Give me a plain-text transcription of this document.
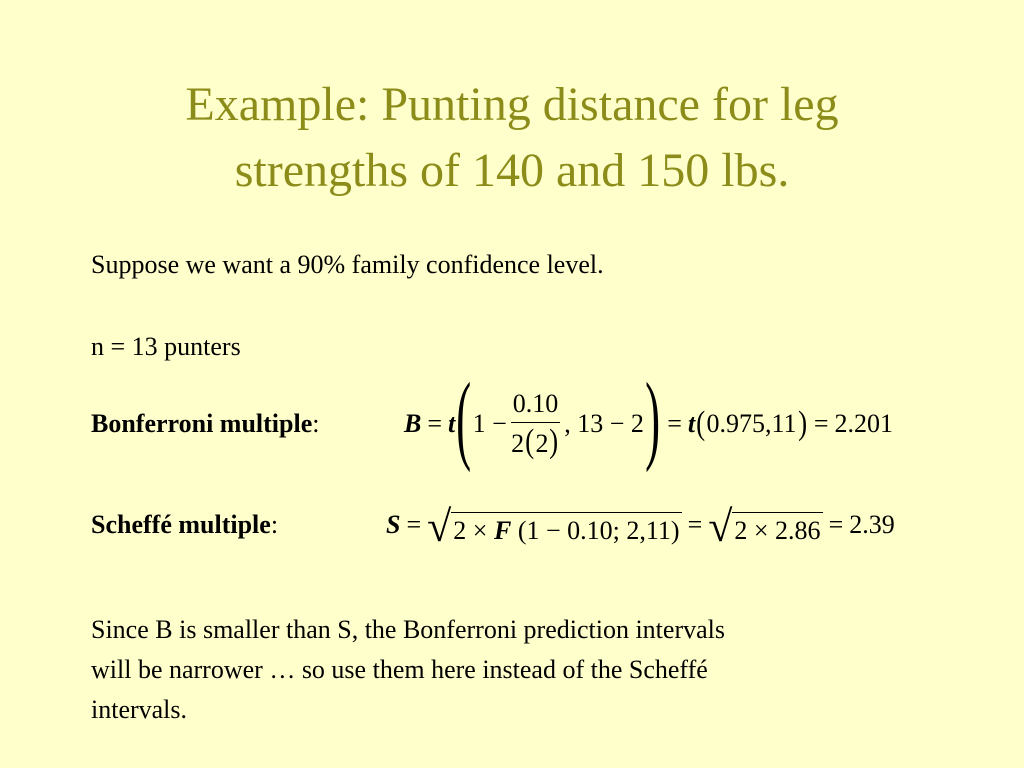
Example: Punting distance for leg
strengths of 140 and 150 lbs.
Suppose we want a 90% family confidence level.
n = 13 punters
Bonferroni multiple:	B = t ( $1 - \frac{0.10}{2(2)}$ , 13 − 2 ) = t ( 0.975,11 ) = 2.201
Scheffé multiple:	S = √ 2 × F (1 − 0.10; 2,11) = √ 2 × 2.86 = 2.39
Since B is smaller than S, the Bonferroni prediction intervals
will be narrower … so use them here instead of the Scheffé
intervals.
